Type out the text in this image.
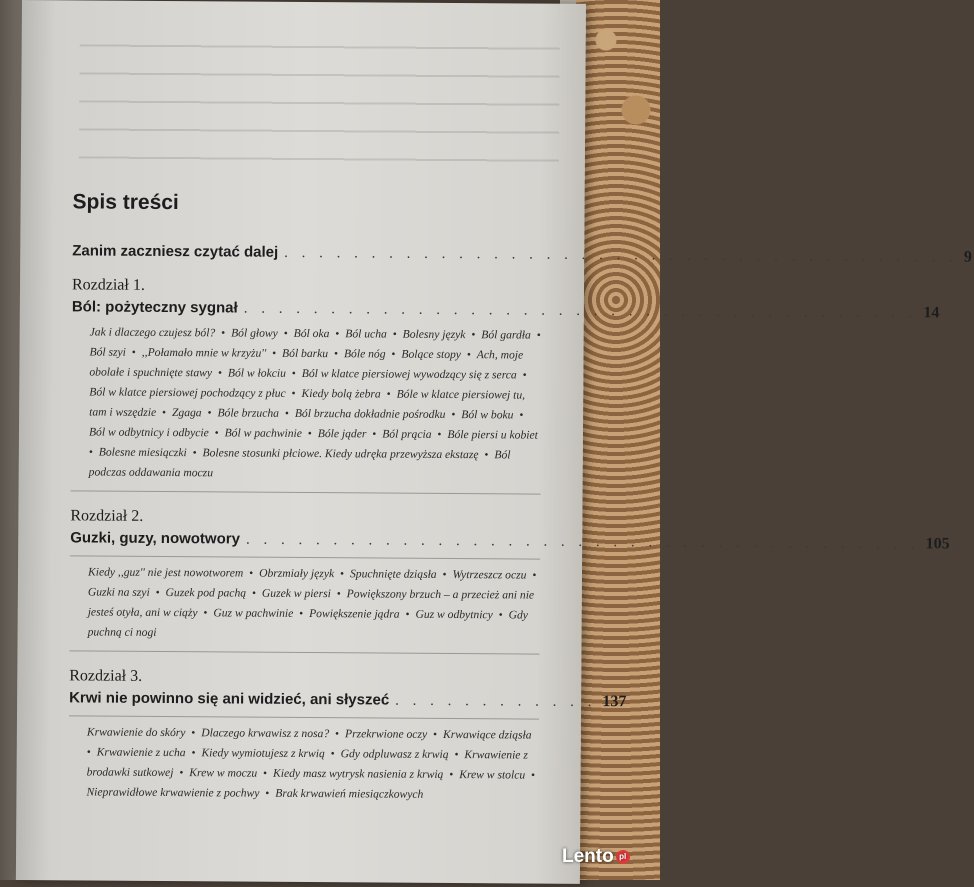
Spis treści
Zanim zaczniesz czytać dalej . . . . . . . . . . . . . . . . . . . . . . . . . . . . . . . . . . . . . . . 9
Rozdział 1.
Ból: pożyteczny sygnał . . . . . . . . . . . . . . . . . . . . . . . . . . . . . . . . . . . . . . . 14
Jak i dlaczego czujesz ból? • Ból głowy • Ból oka • Ból ucha • Bolesny język • Ból gardła • Ból szyi • ,,Połamało mnie w krzyżu'' • Ból barku • Bóle nóg • Bolące stopy • Ach, moje obolałe i spuchnięte stawy • Ból w łokciu • Ból w klatce piersiowej wywodzący się z serca • Ból w klatce piersiowej pochodzący z płuc • Kiedy bolą żebra • Bóle w klatce piersiowej tu, tam i wszędzie • Zgaga • Bóle brzucha • Ból brzucha dokładnie pośrodku • Ból w boku • Ból w odbytnicy i odbycie • Ból w pachwinie • Bóle jąder • Ból prącia • Bóle piersi u kobiet • Bolesne miesiączki • Bolesne stosunki płciowe. Kiedy udręka przewyższa ekstazę • Ból podczas oddawania moczu
Rozdział 2.
Guzki, guzy, nowotwory . . . . . . . . . . . . . . . . . . . . . . . . . . . . . . . . . . . . . . . 105
Kiedy ,,guz'' nie jest nowotworem • Obrzmiały język • Spuchnięte dziąsła • Wytrzeszcz oczu • Guzki na szyi • Guzek pod pachą • Guzek w piersi • Powiększony brzuch – a przecież ani nie jesteś otyła, ani w ciąży • Guz w pachwinie • Powiększenie jądra • Guz w odbytnicy • Gdy puchną ci nogi
Rozdział 3.
Krwi nie powinno się ani widzieć, ani słyszeć . . . . . . . . . . . . 137
Krwawienie do skóry • Dlaczego krwawisz z nosa? • Przekrwione oczy • Krwawiące dziąsła • Krwawienie z ucha • Kiedy wymiotujesz z krwią • Gdy odpluwasz z krwią • Krwawienie z brodawki sutkowej • Krew w moczu • Kiedy masz wytrysk nasienia z krwią • Krew w stolcu • Nieprawidłowe krwawienie z pochwy • Brak krwawień miesiączkowych
Lento pl
